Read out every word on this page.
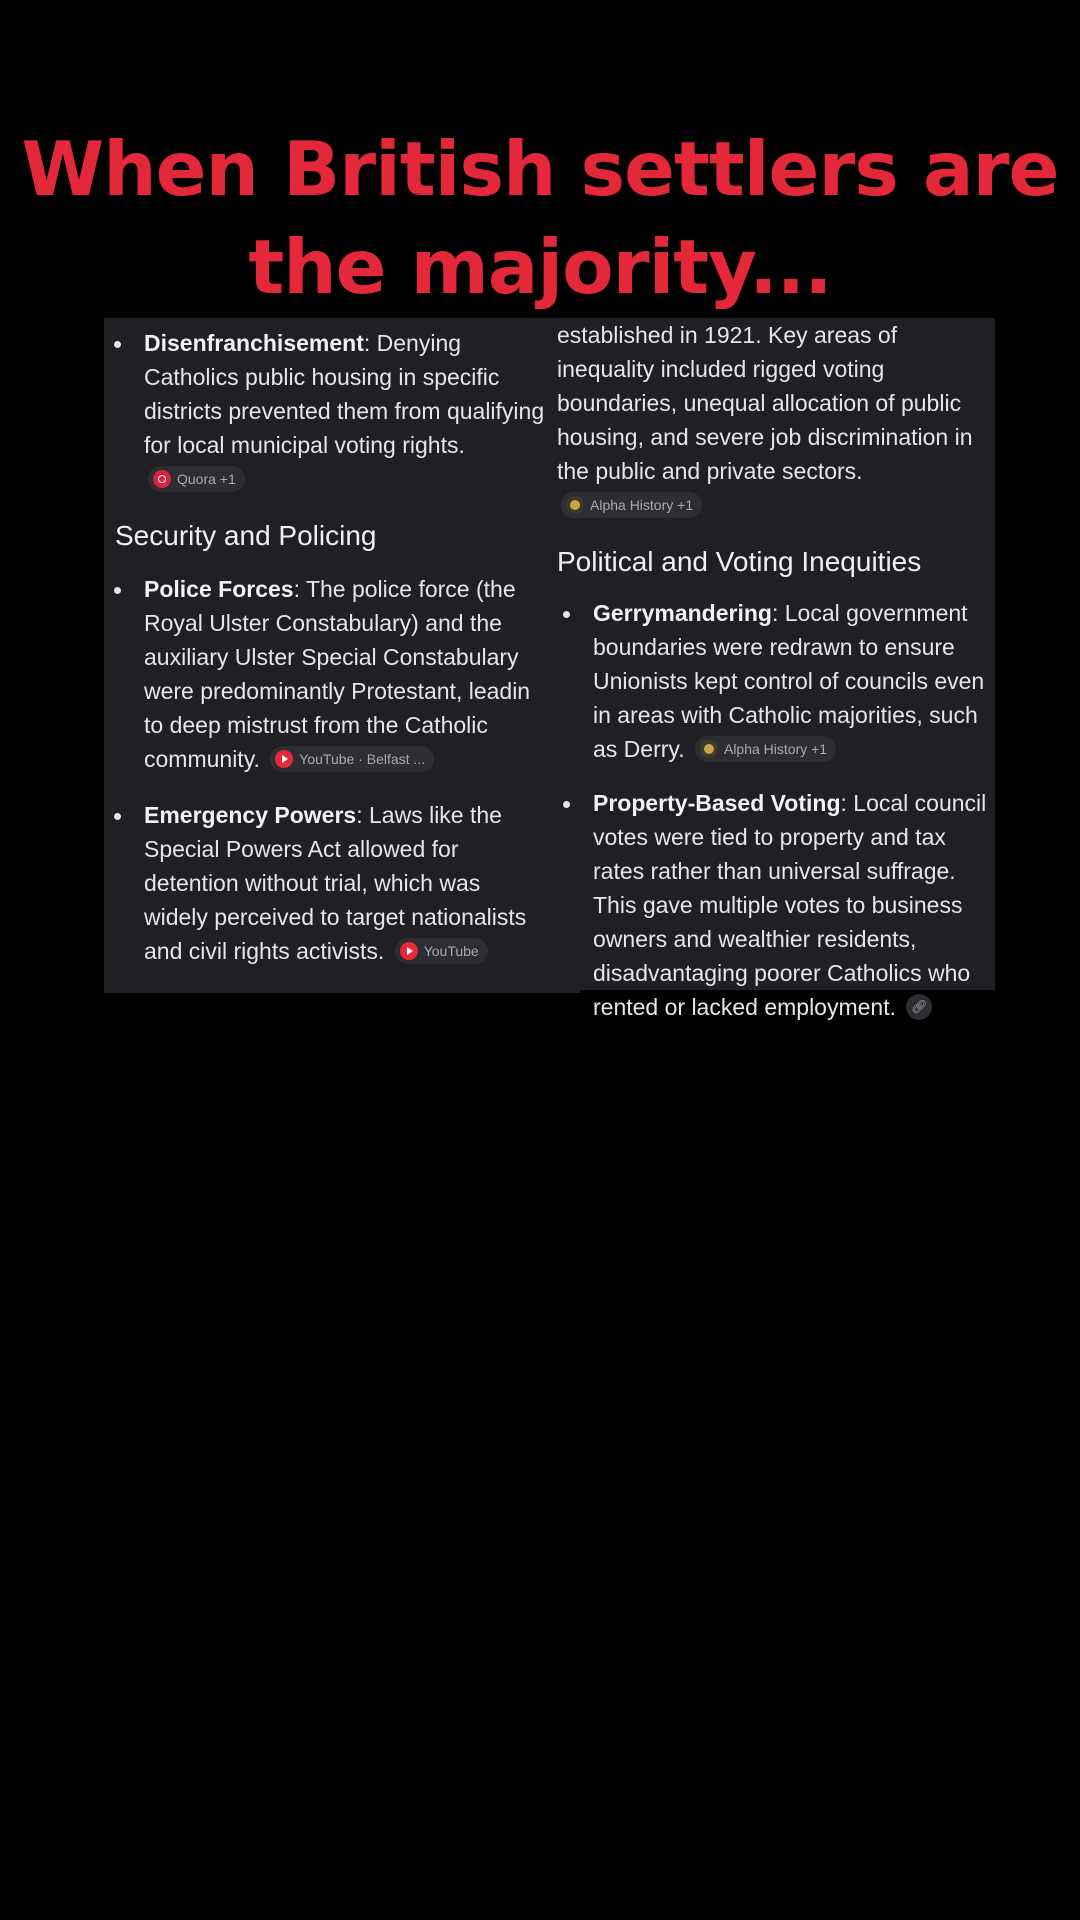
When British settlers are
the majority...
Disenfranchisement: Denying Catholics public housing in specific districts prevented them from qualifying for local municipal voting rights.
Quora +1
Security and Policing
Police Forces: The police force (the Royal Ulster Constabulary) and the auxiliary Ulster Special Constabulary were predominantly Protestant, leadin to deep mistrust from the Catholic community. YouTube · Belfast ...
Emergency Powers: Laws like the Special Powers Act allowed for detention without trial, which was widely perceived to target nationalists and civil rights activists. YouTube
established in 1921. Key areas of inequality included rigged voting boundaries, unequal allocation of public housing, and severe job discrimination in the public and private sectors.
Alpha History +1
Political and Voting Inequities
Gerrymandering: Local government boundaries were redrawn to ensure Unionists kept control of councils even in areas with Catholic majorities, such as Derry. Alpha History +1
Property-Based Voting: Local council votes were tied to property and tax rates rather than universal suffrage. This gave multiple votes to business owners and wealthier residents, disadvantaging poorer Catholics who rented or lacked employment. 🔗︎
